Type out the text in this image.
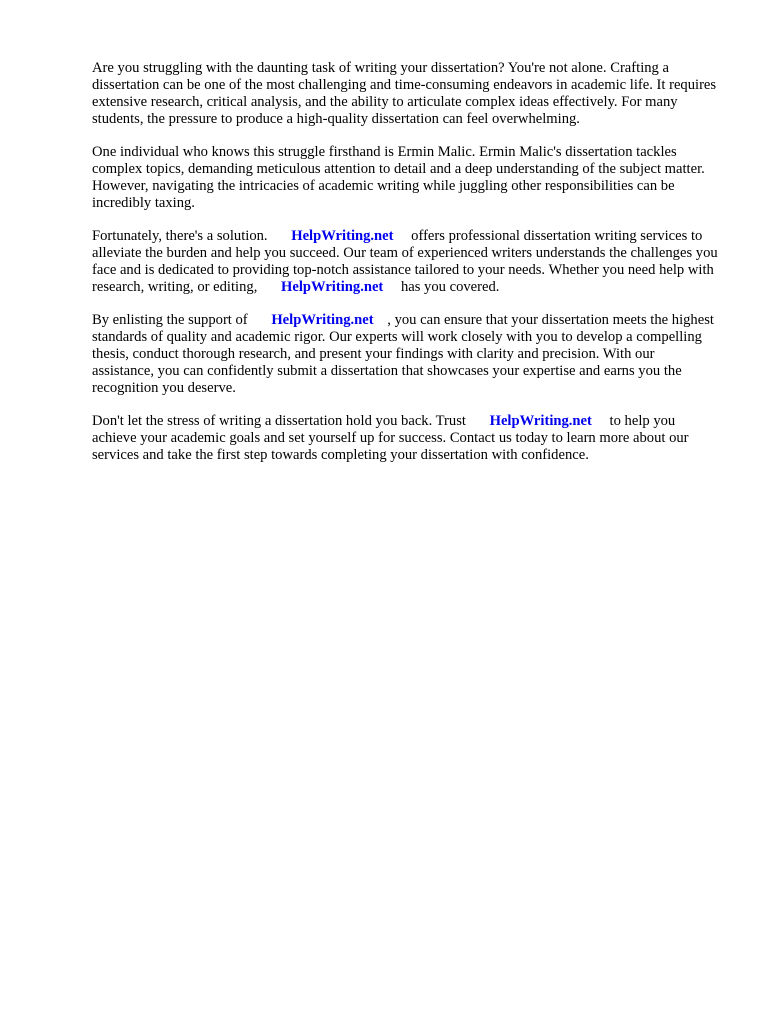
Are you struggling with the daunting task of writing your dissertation? You're not alone. Crafting a dissertation can be one of the most challenging and time-consuming endeavors in academic life. It requires extensive research, critical analysis, and the ability to articulate complex ideas effectively. For many students, the pressure to produce a high-quality dissertation can feel overwhelming.

One individual who knows this struggle firsthand is Ermin Malic. Ermin Malic's dissertation tackles complex topics, demanding meticulous attention to detail and a deep understanding of the subject matter. However, navigating the intricacies of academic writing while juggling other responsibilities can be incredibly taxing.

Fortunately, there's a solution. HelpWriting.net offers professional dissertation writing services to alleviate the burden and help you succeed. Our team of experienced writers understands the challenges you face and is dedicated to providing top-notch assistance tailored to your needs. Whether you need help with research, writing, or editing, HelpWriting.net has you covered.

By enlisting the support of HelpWriting.net , you can ensure that your dissertation meets the highest standards of quality and academic rigor. Our experts will work closely with you to develop a compelling thesis, conduct thorough research, and present your findings with clarity and precision. With our assistance, you can confidently submit a dissertation that showcases your expertise and earns you the recognition you deserve.

Don't let the stress of writing a dissertation hold you back. Trust HelpWriting.net to help you achieve your academic goals and set yourself up for success. Contact us today to learn more about our services and take the first step towards completing your dissertation with confidence.
